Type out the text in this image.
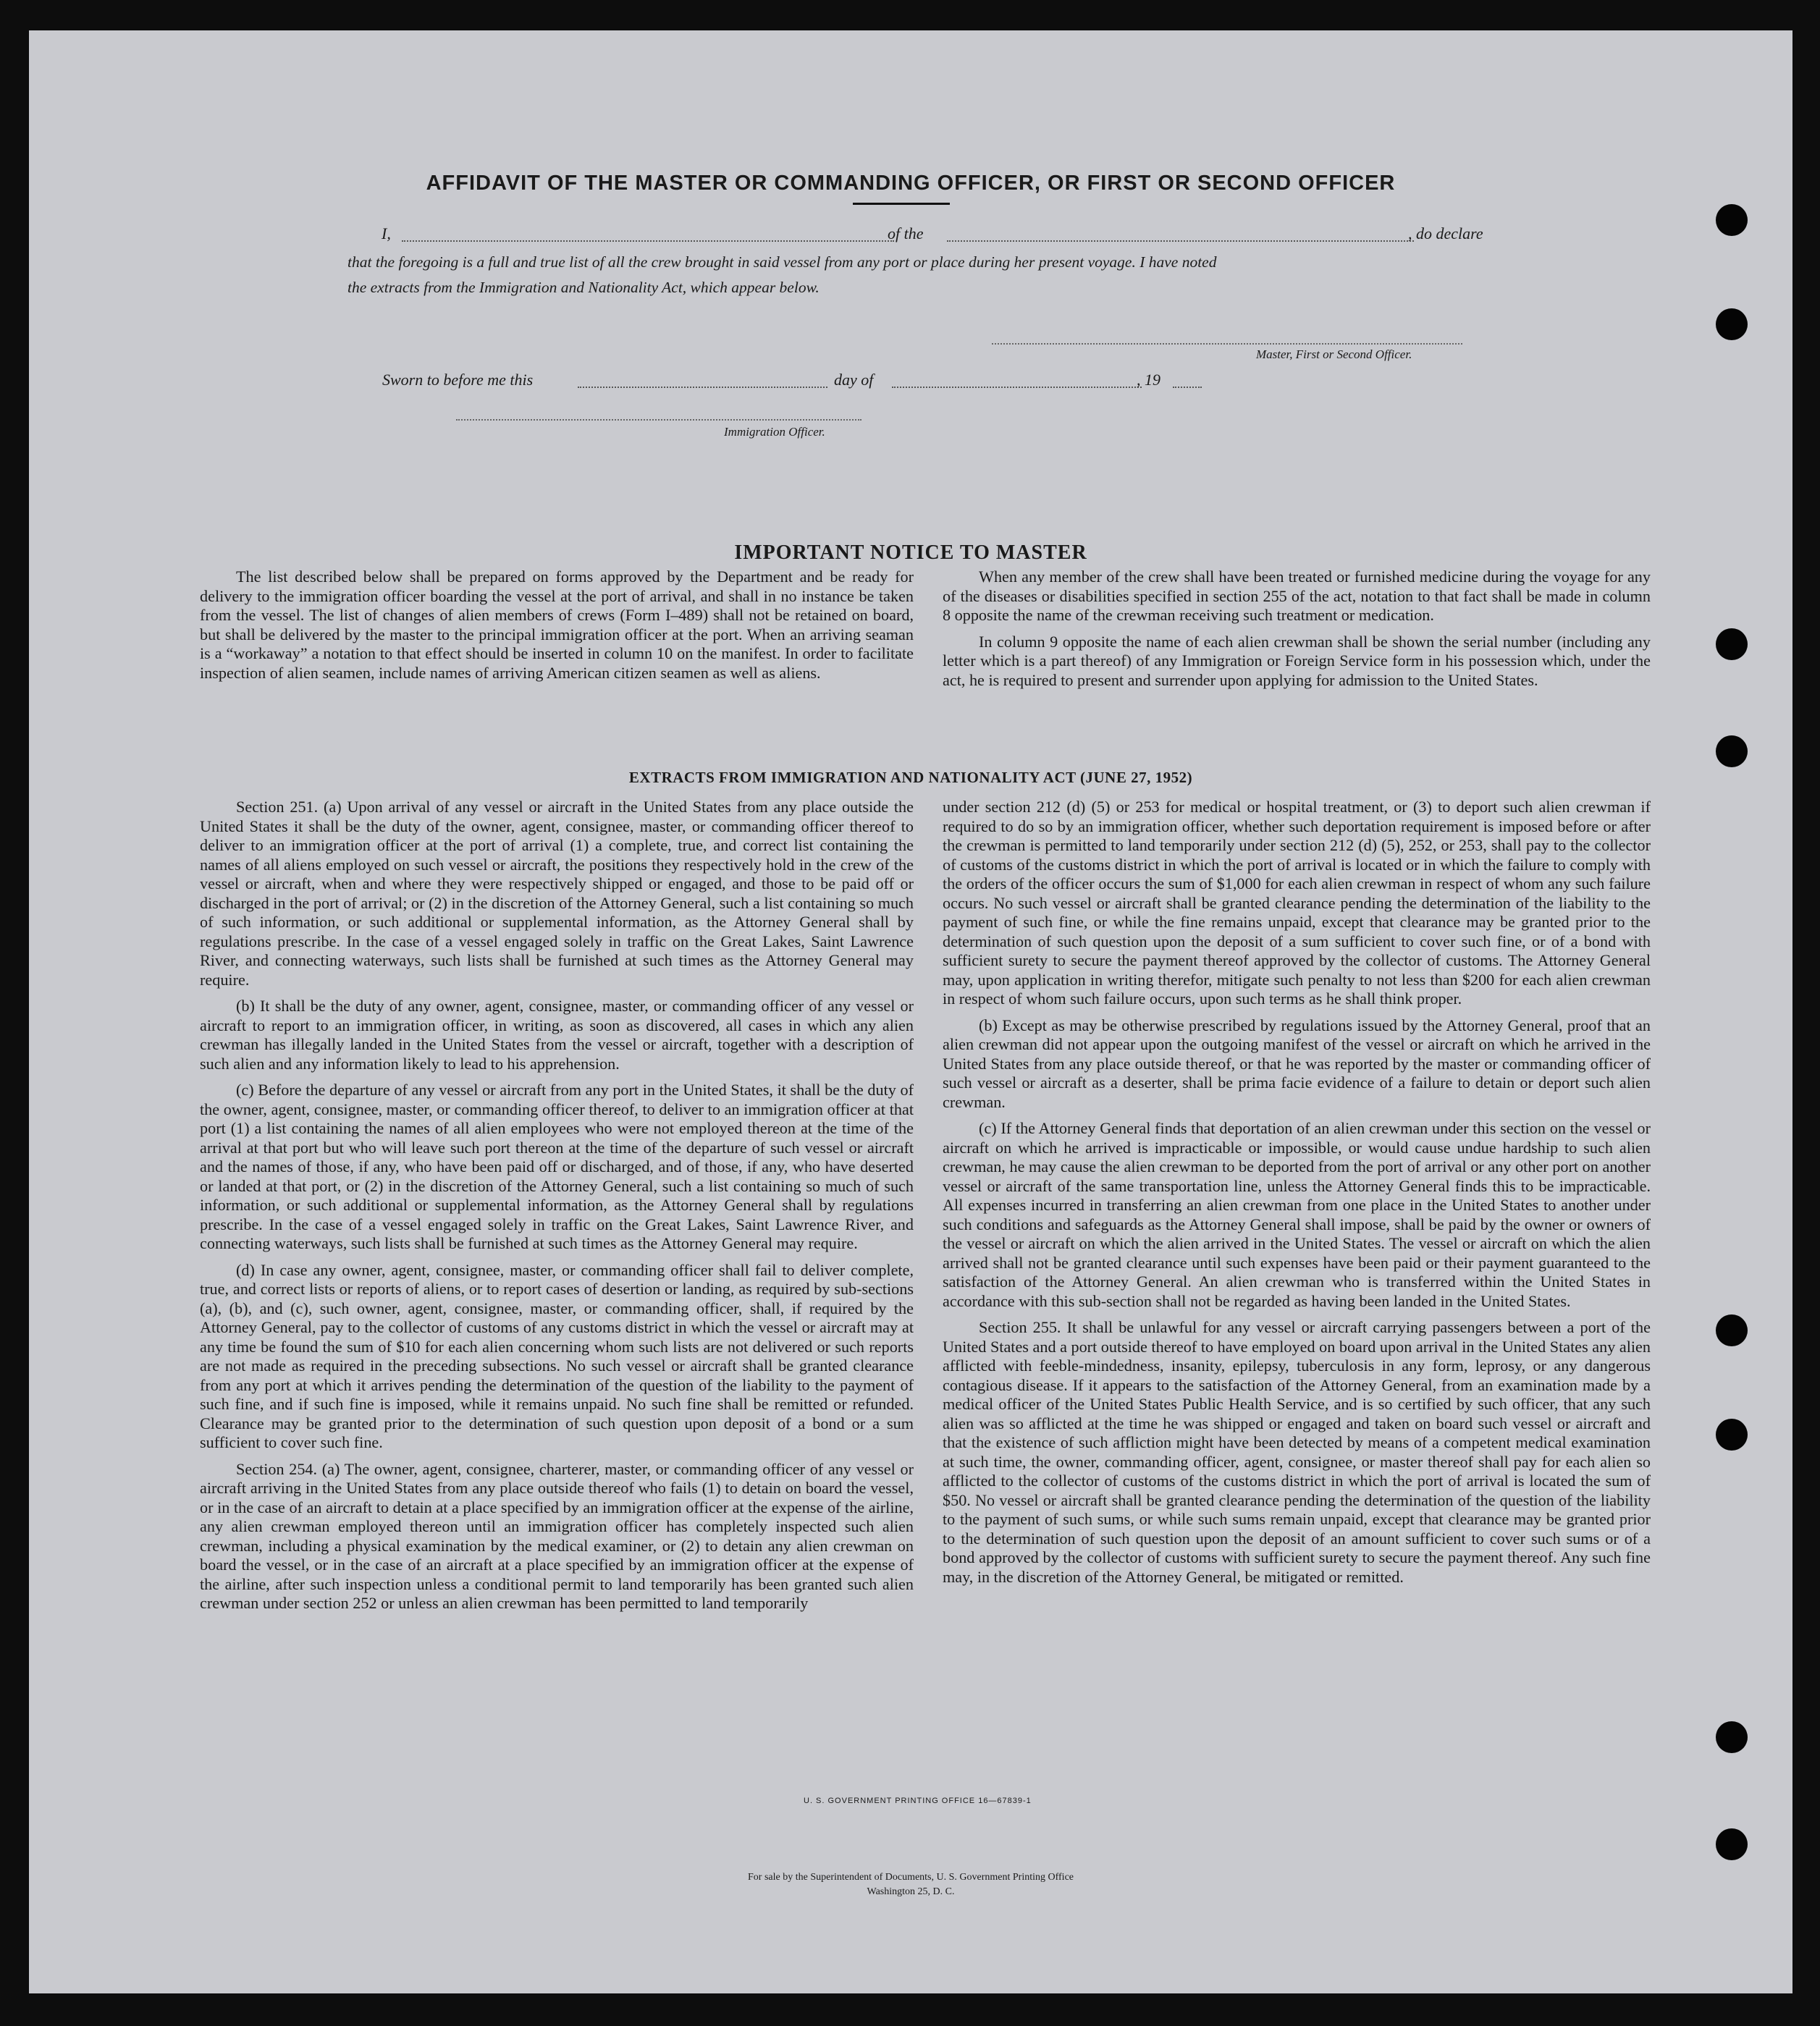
AFFIDAVIT OF THE MASTER OR COMMANDING OFFICER, OR FIRST OR SECOND OFFICER
I,	of the	, do declare
that the foregoing is a full and true list of all the crew brought in said vessel from any port or place during her present voyage. I have noted
the extracts from the Immigration and Nationality Act, which appear below.
Master, First or Second Officer.
Sworn to before me this	day of	, 19
Immigration Officer.
IMPORTANT NOTICE TO MASTER

The list described below shall be prepared on forms approved by the Department and be ready for delivery to the immigration officer boarding the vessel at the port of arrival, and shall in no instance be taken from the vessel. The list of changes of alien members of crews (Form I–489) shall not be retained on board, but shall be delivered by the master to the principal immigration officer at the port. When an arriving seaman is a “workaway” a notation to that effect should be inserted in column 10 on the manifest. In order to facilitate inspection of alien seamen, include names of arriving American citizen seamen as well as aliens.

When any member of the crew shall have been treated or furnished medicine during the voyage for any of the diseases or disabilities specified in section 255 of the act, notation to that fact shall be made in column 8 opposite the name of the crewman receiving such treatment or medication.

In column 9 opposite the name of each alien crewman shall be shown the serial number (including any letter which is a part thereof) of any Immigration or Foreign Service form in his possession which, under the act, he is required to present and surrender upon applying for admission to the United States.

EXTRACTS FROM IMMIGRATION AND NATIONALITY ACT (JUNE 27, 1952)

Section 251. (a) Upon arrival of any vessel or aircraft in the United States from any place outside the United States it shall be the duty of the owner, agent, consignee, master, or commanding officer thereof to deliver to an immigration officer at the port of arrival (1) a complete, true, and correct list containing the names of all aliens employed on such vessel or aircraft, the positions they respectively hold in the crew of the vessel or aircraft, when and where they were respectively shipped or engaged, and those to be paid off or discharged in the port of arrival; or (2) in the discretion of the Attorney General, such a list containing so much of such information, or such additional or supplemental information, as the Attorney General shall by regulations prescribe. In the case of a vessel engaged solely in traffic on the Great Lakes, Saint Lawrence River, and connecting waterways, such lists shall be furnished at such times as the Attorney General may require.

(b) It shall be the duty of any owner, agent, consignee, master, or commanding officer of any vessel or aircraft to report to an immigration officer, in writing, as soon as discovered, all cases in which any alien crewman has illegally landed in the United States from the vessel or aircraft, together with a description of such alien and any information likely to lead to his apprehension.

(c) Before the departure of any vessel or aircraft from any port in the United States, it shall be the duty of the owner, agent, consignee, master, or commanding officer thereof, to deliver to an immigration officer at that port (1) a list containing the names of all alien employees who were not employed thereon at the time of the arrival at that port but who will leave such port thereon at the time of the departure of such vessel or aircraft and the names of those, if any, who have been paid off or discharged, and of those, if any, who have deserted or landed at that port, or (2) in the discretion of the Attorney General, such a list containing so much of such information, or such additional or supplemental information, as the Attorney General shall by regulations prescribe. In the case of a vessel engaged solely in traffic on the Great Lakes, Saint Lawrence River, and connecting waterways, such lists shall be furnished at such times as the Attorney General may require.

(d) In case any owner, agent, consignee, master, or commanding officer shall fail to deliver complete, true, and correct lists or reports of aliens, or to report cases of desertion or landing, as required by sub-sections (a), (b), and (c), such owner, agent, consignee, master, or commanding officer, shall, if required by the Attorney General, pay to the collector of customs of any customs district in which the vessel or aircraft may at any time be found the sum of $10 for each alien concerning whom such lists are not delivered or such reports are not made as required in the preceding subsections. No such vessel or aircraft shall be granted clearance from any port at which it arrives pending the determination of the question of the liability to the payment of such fine, and if such fine is imposed, while it remains unpaid. No such fine shall be remitted or refunded. Clearance may be granted prior to the determination of such question upon deposit of a bond or a sum sufficient to cover such fine.

Section 254. (a) The owner, agent, consignee, charterer, master, or commanding officer of any vessel or aircraft arriving in the United States from any place outside thereof who fails (1) to detain on board the vessel, or in the case of an aircraft to detain at a place specified by an immigration officer at the expense of the airline, any alien crewman employed thereon until an immigration officer has completely inspected such alien crewman, including a physical examination by the medical examiner, or (2) to detain any alien crewman on board the vessel, or in the case of an aircraft at a place specified by an immigration officer at the expense of the airline, after such inspection unless a conditional permit to land temporarily has been granted such alien crewman under section 252 or unless an alien crewman has been permitted to land temporarily

under section 212 (d) (5) or 253 for medical or hospital treatment, or (3) to deport such alien crewman if required to do so by an immigration officer, whether such deportation requirement is imposed before or after the crewman is permitted to land temporarily under section 212 (d) (5), 252, or 253, shall pay to the collector of customs of the customs district in which the port of arrival is located or in which the failure to comply with the orders of the officer occurs the sum of $1,000 for each alien crewman in respect of whom any such failure occurs. No such vessel or aircraft shall be granted clearance pending the determination of the liability to the payment of such fine, or while the fine remains unpaid, except that clearance may be granted prior to the determination of such question upon the deposit of a sum sufficient to cover such fine, or of a bond with sufficient surety to secure the payment thereof approved by the collector of customs. The Attorney General may, upon application in writing therefor, mitigate such penalty to not less than $200 for each alien crewman in respect of whom such failure occurs, upon such terms as he shall think proper.

(b) Except as may be otherwise prescribed by regulations issued by the Attorney General, proof that an alien crewman did not appear upon the outgoing manifest of the vessel or aircraft on which he arrived in the United States from any place outside thereof, or that he was reported by the master or commanding officer of such vessel or aircraft as a deserter, shall be prima facie evidence of a failure to detain or deport such alien crewman.

(c) If the Attorney General finds that deportation of an alien crewman under this section on the vessel or aircraft on which he arrived is impracticable or impossible, or would cause undue hardship to such alien crewman, he may cause the alien crewman to be deported from the port of arrival or any other port on another vessel or aircraft of the same transportation line, unless the Attorney General finds this to be impracticable. All expenses incurred in transferring an alien crewman from one place in the United States to another under such conditions and safeguards as the Attorney General shall impose, shall be paid by the owner or owners of the vessel or aircraft on which the alien arrived in the United States. The vessel or aircraft on which the alien arrived shall not be granted clearance until such expenses have been paid or their payment guaranteed to the satisfaction of the Attorney General. An alien crewman who is transferred within the United States in accordance with this sub-section shall not be regarded as having been landed in the United States.

Section 255. It shall be unlawful for any vessel or aircraft carrying passengers between a port of the United States and a port outside thereof to have employed on board upon arrival in the United States any alien afflicted with feeble-mindedness, insanity, epilepsy, tuberculosis in any form, leprosy, or any dangerous contagious disease. If it appears to the satisfaction of the Attorney General, from an examination made by a medical officer of the United States Public Health Service, and is so certified by such officer, that any such alien was so afflicted at the time he was shipped or engaged and taken on board such vessel or aircraft and that the existence of such affliction might have been detected by means of a competent medical examination at such time, the owner, commanding officer, agent, consignee, or master thereof shall pay for each alien so afflicted to the collector of customs of the customs district in which the port of arrival is located the sum of $50. No vessel or aircraft shall be granted clearance pending the determination of the question of the liability to the payment of such sums, or while such sums remain unpaid, except that clearance may be granted prior to the determination of such question upon the deposit of an amount sufficient to cover such sums or of a bond approved by the collector of customs with sufficient surety to secure the payment thereof. Any such fine may, in the discretion of the Attorney General, be mitigated or remitted.

U. S. GOVERNMENT PRINTING OFFICE 16—67839-1
For sale by the Superintendent of Documents, U. S. Government Printing Office
Washington 25, D. C.
